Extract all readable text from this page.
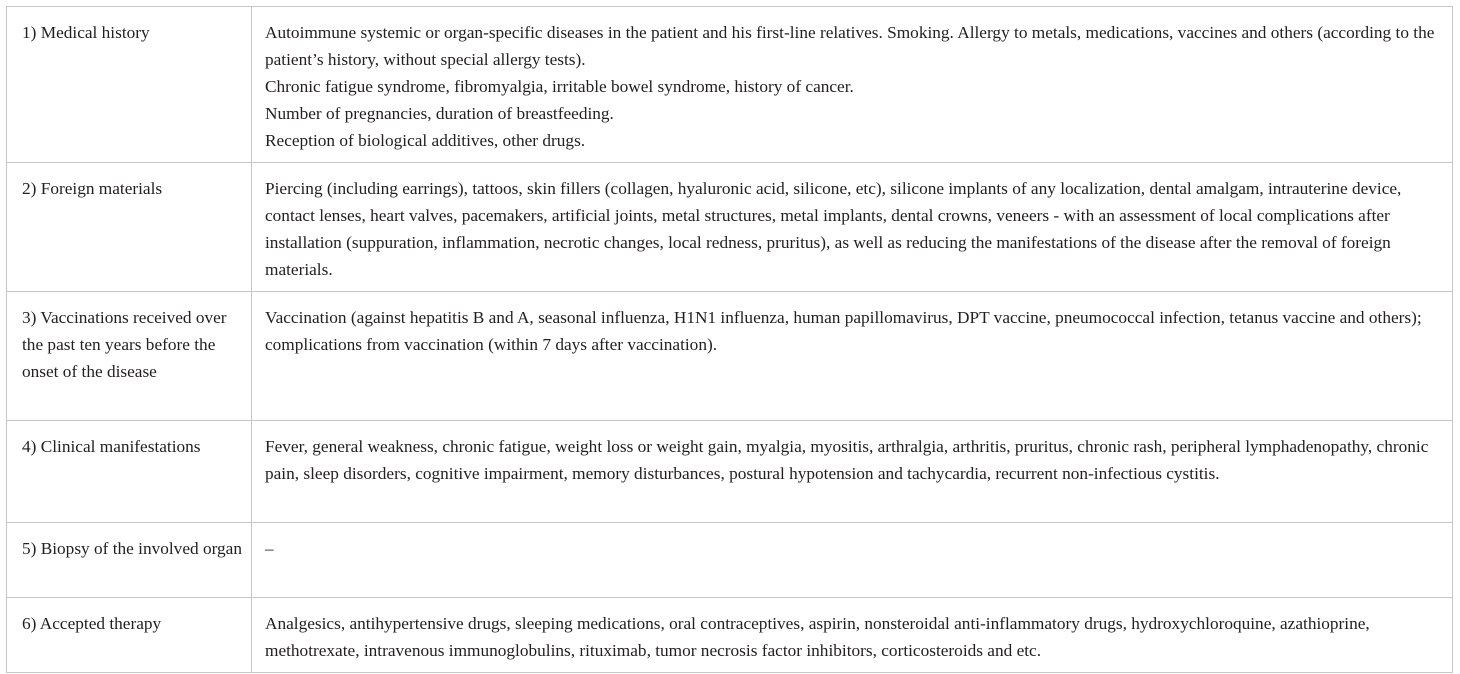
1) Medical history	Autoimmune systemic or organ-specific diseases in the patient and his first-line relatives. Smoking. Allergy to metals, medications, vaccines and others (according to the patient’s history, without special allergy tests).
Chronic fatigue syndrome, fibromyalgia, irritable bowel syndrome, history of cancer.
Number of pregnancies, duration of breastfeeding.
Reception of biological additives, other drugs.

2) Foreign materials	Piercing (including earrings), tattoos, skin fillers (collagen, hyaluronic acid, silicone, etc), silicone implants of any localization, dental amalgam, intrauterine device, contact lenses, heart valves, pacemakers, artificial joints, metal structures, metal implants, dental crowns, veneers - with an assessment of local complications after installation (suppuration, inflammation, necrotic changes, local redness, pruritus), as well as reducing the manifestations of the disease after the removal of foreign materials.

3) Vaccinations received over the past ten years before the onset of the disease	Vaccination (against hepatitis B and A, seasonal influenza, H1N1 influenza, human papillomavirus, DPT vaccine, pneumococcal infection, tetanus vaccine and others); complications from vaccination (within 7 days after vaccination).

4) Clinical manifestations	Fever, general weakness, chronic fatigue, weight loss or weight gain, myalgia, myositis, arthralgia, arthritis, pruritus, chronic rash, peripheral lymphadenopathy, chronic pain, sleep disorders, cognitive impairment, memory disturbances, postural hypotension and tachycardia, recurrent non-infectious cystitis.

5) Biopsy of the involved organ	–

6) Accepted therapy	Analgesics, antihypertensive drugs, sleeping medications, oral contraceptives, aspirin, nonsteroidal anti-inflammatory drugs, hydroxychloroquine, azathioprine, methotrexate, intravenous immunoglobulins, rituximab, tumor necrosis factor inhibitors, corticosteroids and etc.
